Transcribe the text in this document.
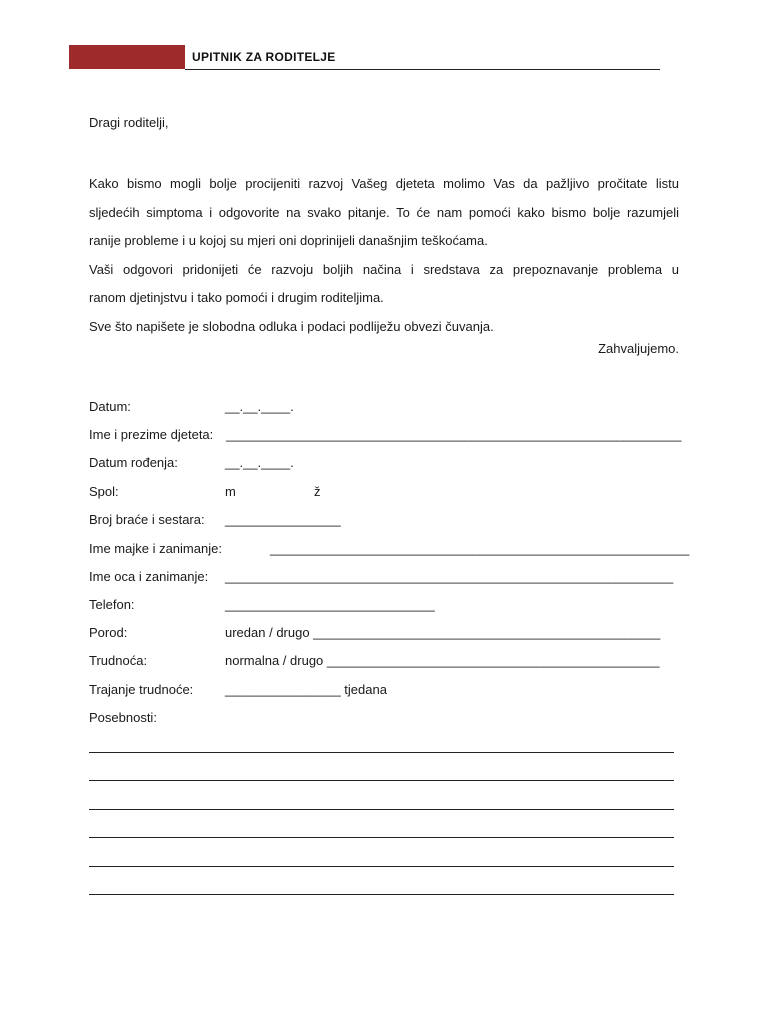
UPITNIK ZA RODITELJE
Dragi roditelji,

Kako bismo mogli bolje procijeniti razvoj Vašeg djeteta molimo Vas da pažljivo pročitate listu

sljedećih simptoma i odgovorite na svako pitanje. To će nam pomoći kako bismo bolje razumjeli

ranije probleme i u kojoj su mjeri oni doprinijeli današnjim teškoćama.

Vaši odgovori pridonijeti će razvoju boljih načina i sredstava za prepoznavanje problema u

ranom djetinjstvu i tako pomoći i drugim roditeljima.

Sve što napišete je slobodna odluka i podaci podliježu obvezi čuvanja.

Zahvaljujemo.
Datum:	__.__.____.
Ime i prezime djeteta: _______________________________________________________________
Datum rođenja:	__.__.____.
Spol:	m	ž
Broj braće i sestara: ________________
Ime majke i zanimanje:	__________________________________________________________
Ime oca i zanimanje: ______________________________________________________________
Telefon:	_____________________________
Porod:	uredan / drugo ________________________________________________
Trudnoća:	normalna / drugo ______________________________________________
Trajanje trudnoće: ________________ tjedana
Posebnosti:
